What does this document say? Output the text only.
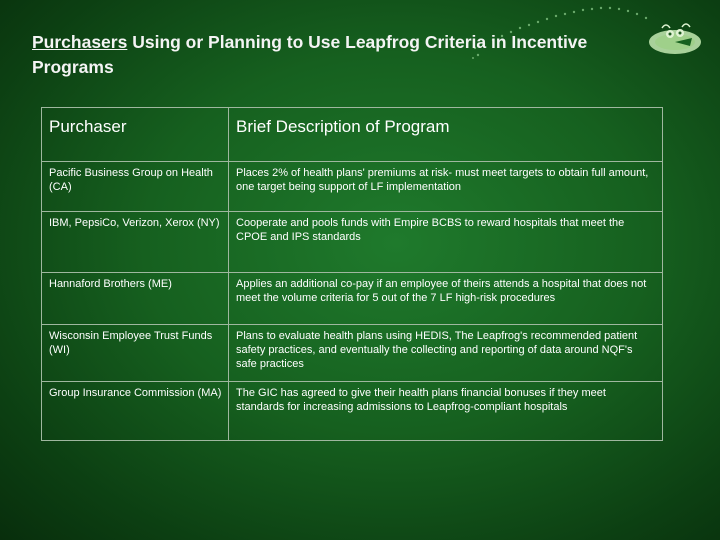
Purchasers Using or Planning to Use Leapfrog Criteria in Incentive Programs
Purchaser	Brief Description of Program
Pacific Business Group on Health (CA)	Places 2% of health plans' premiums at risk- must meet targets to obtain full amount, one target being support of LF implementation
IBM, PepsiCo, Verizon, Xerox (NY)	Cooperate and pools funds with Empire BCBS to reward hospitals that meet the CPOE and IPS standards
Hannaford Brothers (ME)	Applies an additional co-pay if an employee of theirs attends a hospital that does not meet the volume criteria for 5 out of the 7 LF high-risk procedures
Wisconsin Employee Trust Funds (WI)	Plans to evaluate health plans using HEDIS, The Leapfrog's recommended patient safety practices, and eventually the collecting and reporting of data around NQF's safe practices
Group Insurance Commission (MA)	The GIC has agreed to give their health plans financial bonuses if they meet standards for increasing admissions to Leapfrog-compliant hospitals
